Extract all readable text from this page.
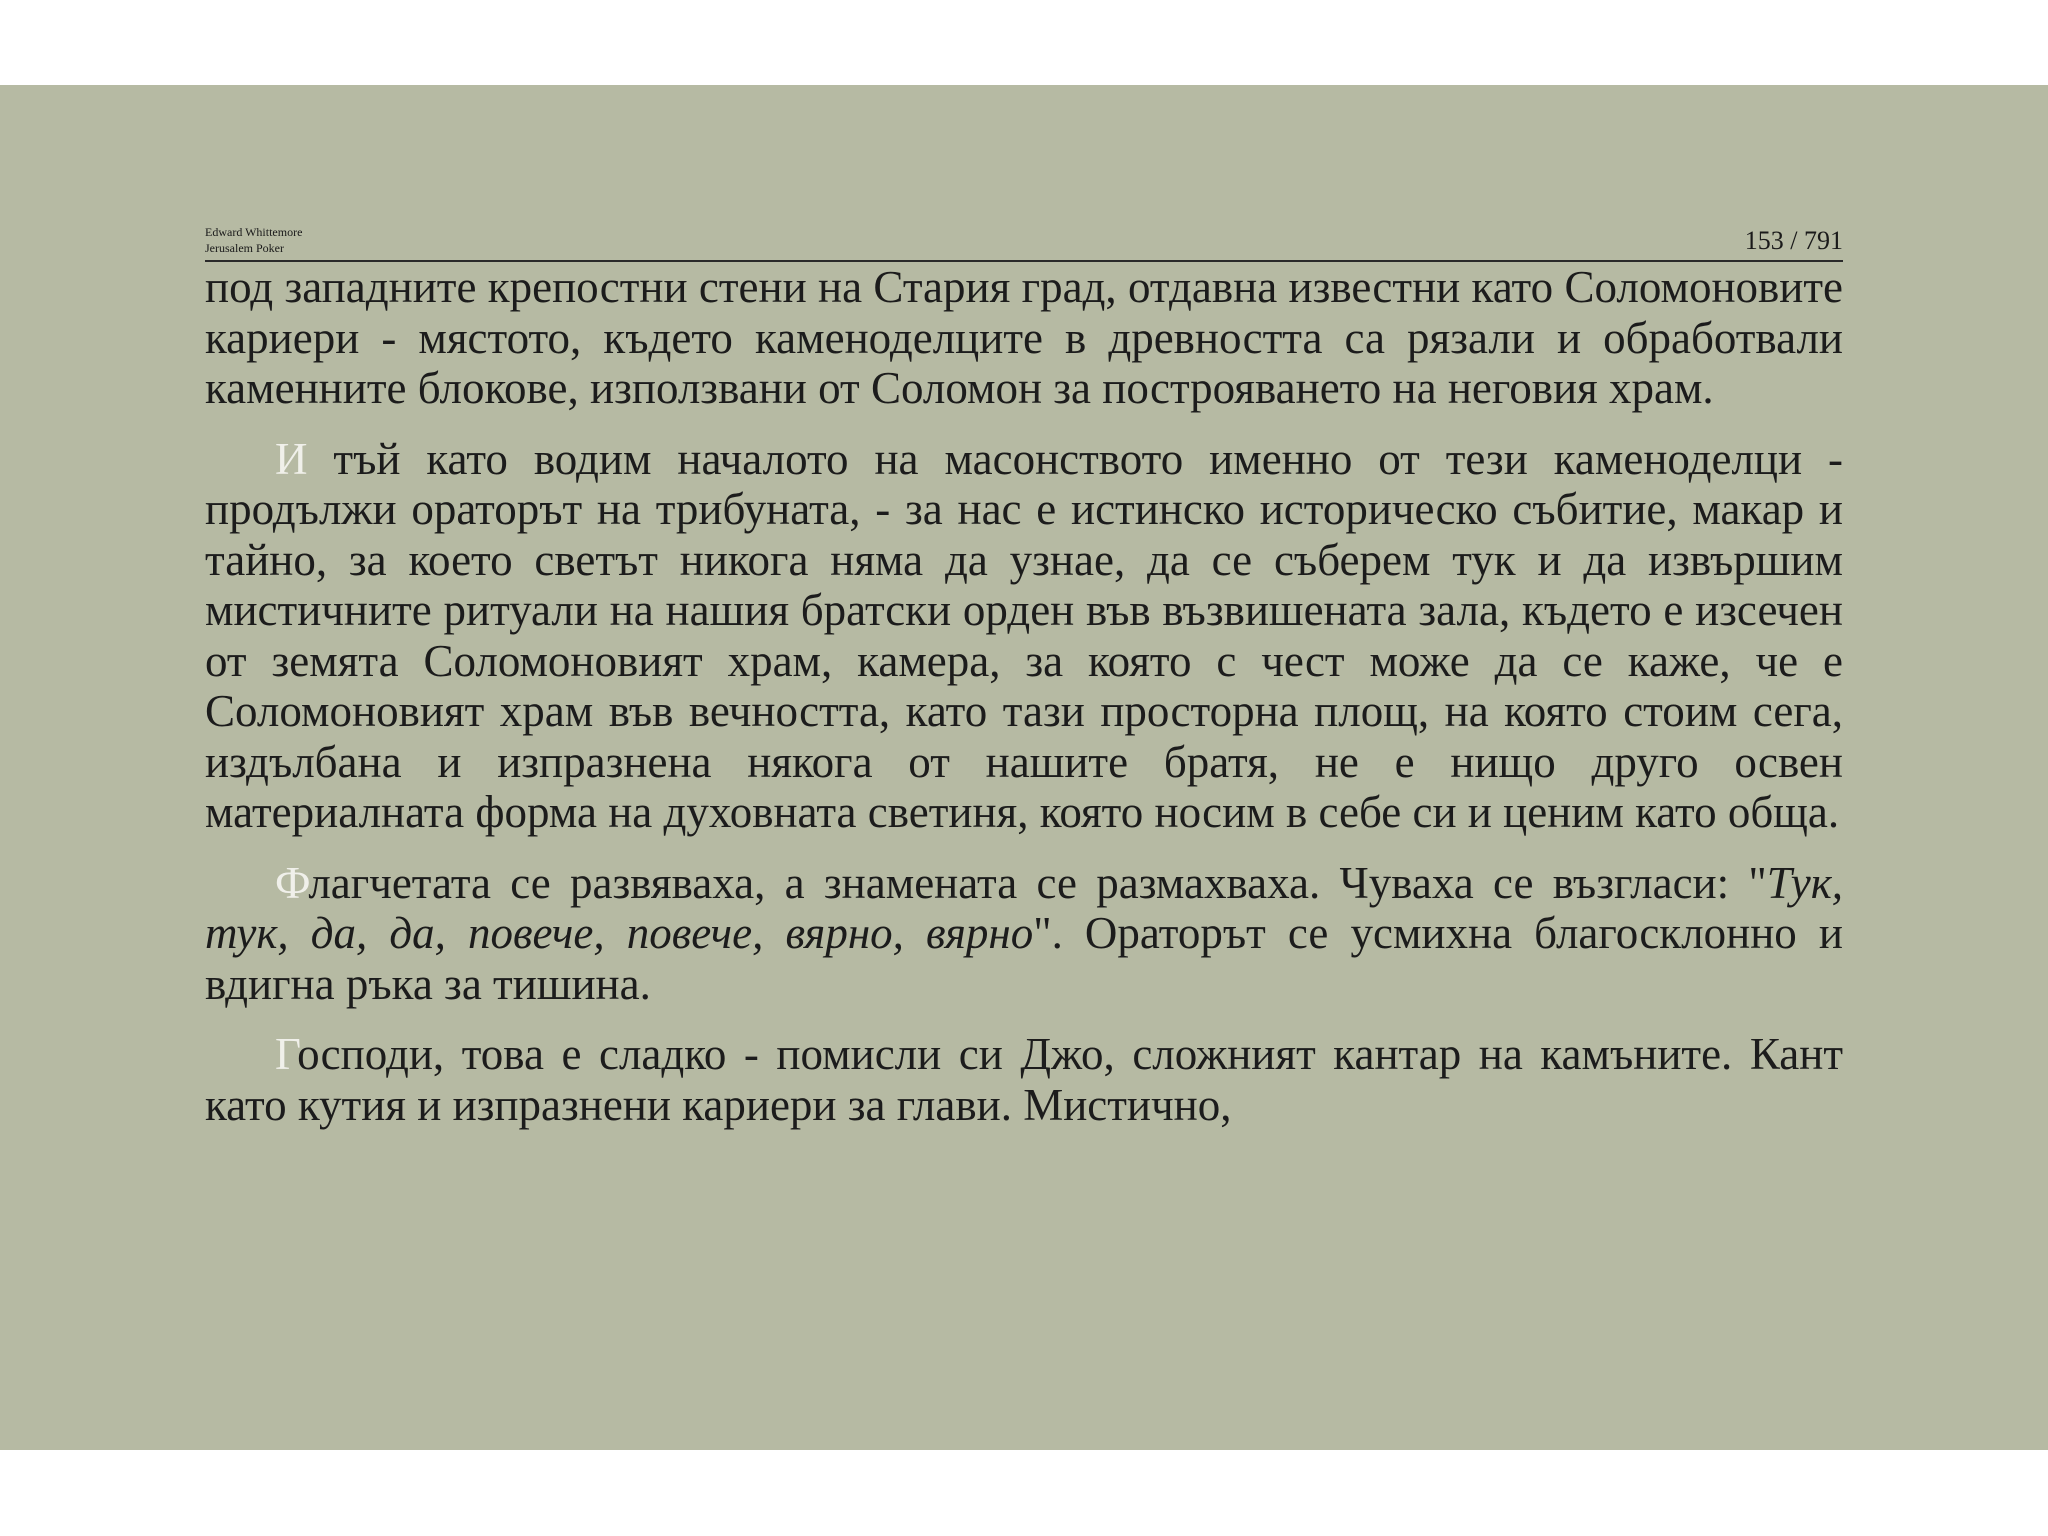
Edward Whittemore
Jerusalem Poker	153 / 791

под западните крепостни стени на Стария град, отдавна известни като Соломоновите кариери - мястото, където каменоделците в древността са рязали и обработвали каменните блокове, използвани от Соломон за построяването на неговия храм.

И тъй като водим началото на масонството именно от тези каменоделци - продължи ораторът на трибуната, - за нас е истинско историческо събитие, макар и тайно, за което светът никога няма да узнае, да се съберем тук и да извършим мистичните ритуали на нашия братски орден във възвишената зала, където е изсечен от земята Соломоновият храм, камера, за която с чест може да се каже, че е Соломоновият храм във вечността, като тази просторна площ, на която стоим сега, издълбана и изпразнена някога от нашите братя, не е нищо друго освен материалната форма на духовната светиня, която носим в себе си и ценим като обща.

Флагчетата се развяваха, а знамената се размахваха. Чуваха се възгласи: "Тук, тук, да, да, повече, повече, вярно, вярно". Ораторът се усмихна благосклонно и вдигна ръка за тишина.

Господи, това е сладко - помисли си Джо, сложният кантар на камъните. Кант като кутия и изпразнени кариери за глави. Мистично,
